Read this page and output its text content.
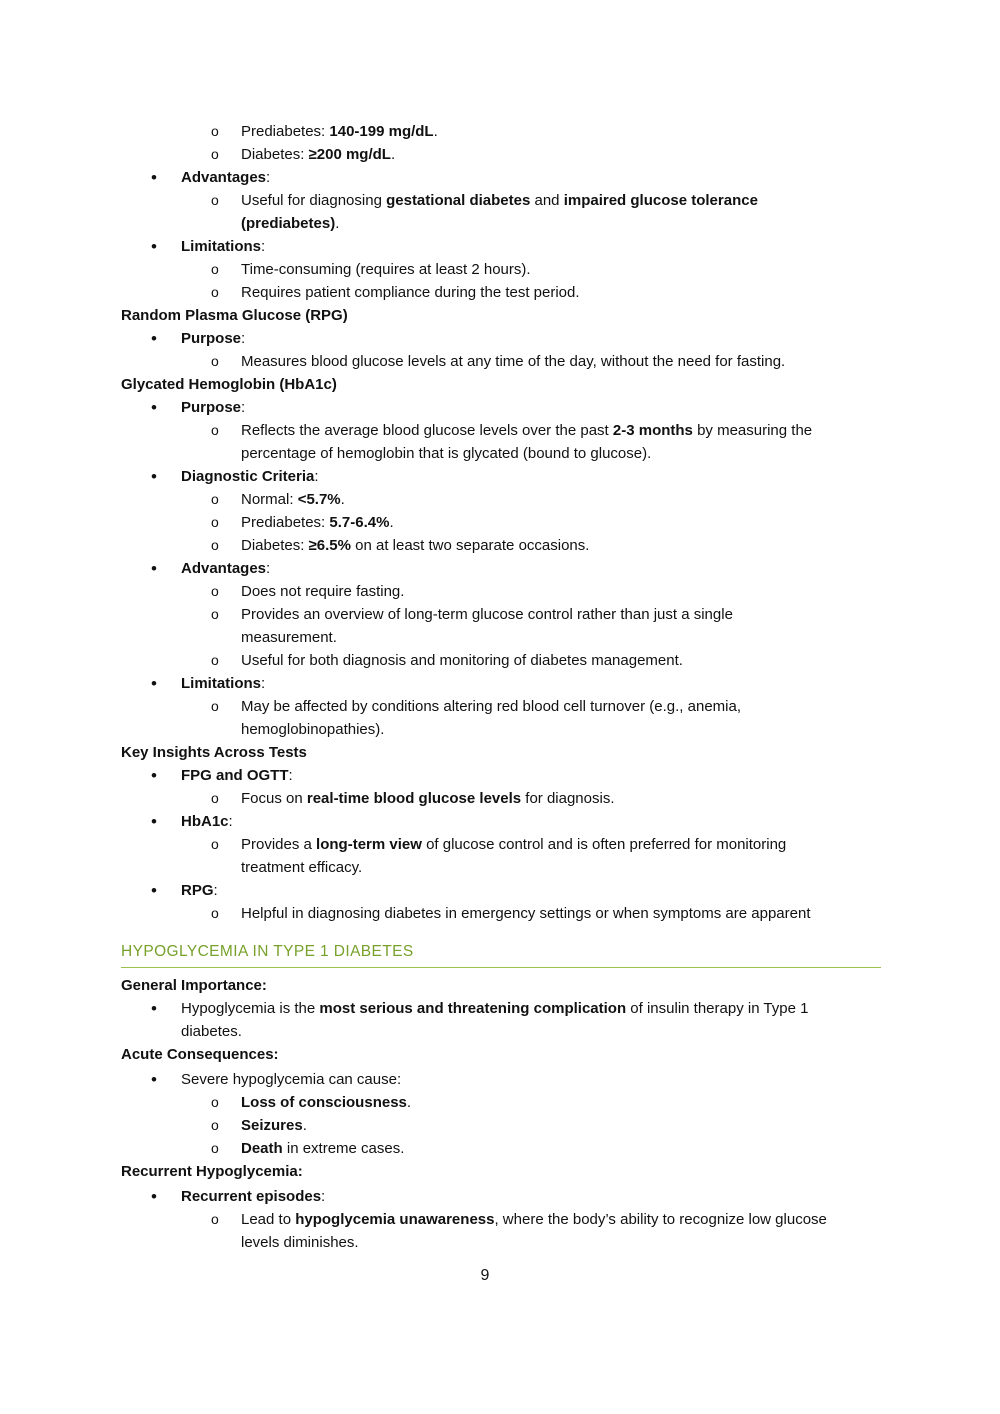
o Prediabetes: 140-199 mg/dL.
o Diabetes: ≥200 mg/dL.
• Advantages:
o Useful for diagnosing gestational diabetes and impaired glucose tolerance
(prediabetes).
• Limitations:
o Time-consuming (requires at least 2 hours).
o Requires patient compliance during the test period.
Random Plasma Glucose (RPG)
• Purpose:
o Measures blood glucose levels at any time of the day, without the need for fasting.
Glycated Hemoglobin (HbA1c)
• Purpose:
o Reflects the average blood glucose levels over the past 2-3 months by measuring the
percentage of hemoglobin that is glycated (bound to glucose).
• Diagnostic Criteria:
o Normal: <5.7%.
o Prediabetes: 5.7-6.4%.
o Diabetes: ≥6.5% on at least two separate occasions.
• Advantages:
o Does not require fasting.
o Provides an overview of long-term glucose control rather than just a single
measurement.
o Useful for both diagnosis and monitoring of diabetes management.
• Limitations:
o May be affected by conditions altering red blood cell turnover (e.g., anemia,
hemoglobinopathies).
Key Insights Across Tests
• FPG and OGTT:
o Focus on real-time blood glucose levels for diagnosis.
• HbA1c:
o Provides a long-term view of glucose control and is often preferred for monitoring
treatment efficacy.
• RPG:
o Helpful in diagnosing diabetes in emergency settings or when symptoms are apparent
HYPOGLYCEMIA IN TYPE 1 DIABETES
General Importance:
• Hypoglycemia is the most serious and threatening complication of insulin therapy in Type 1
diabetes.
Acute Consequences:
• Severe hypoglycemia can cause:
o Loss of consciousness.
o Seizures.
o Death in extreme cases.
Recurrent Hypoglycemia:
• Recurrent episodes:
o Lead to hypoglycemia unawareness, where the body’s ability to recognize low glucose
levels diminishes.
9
